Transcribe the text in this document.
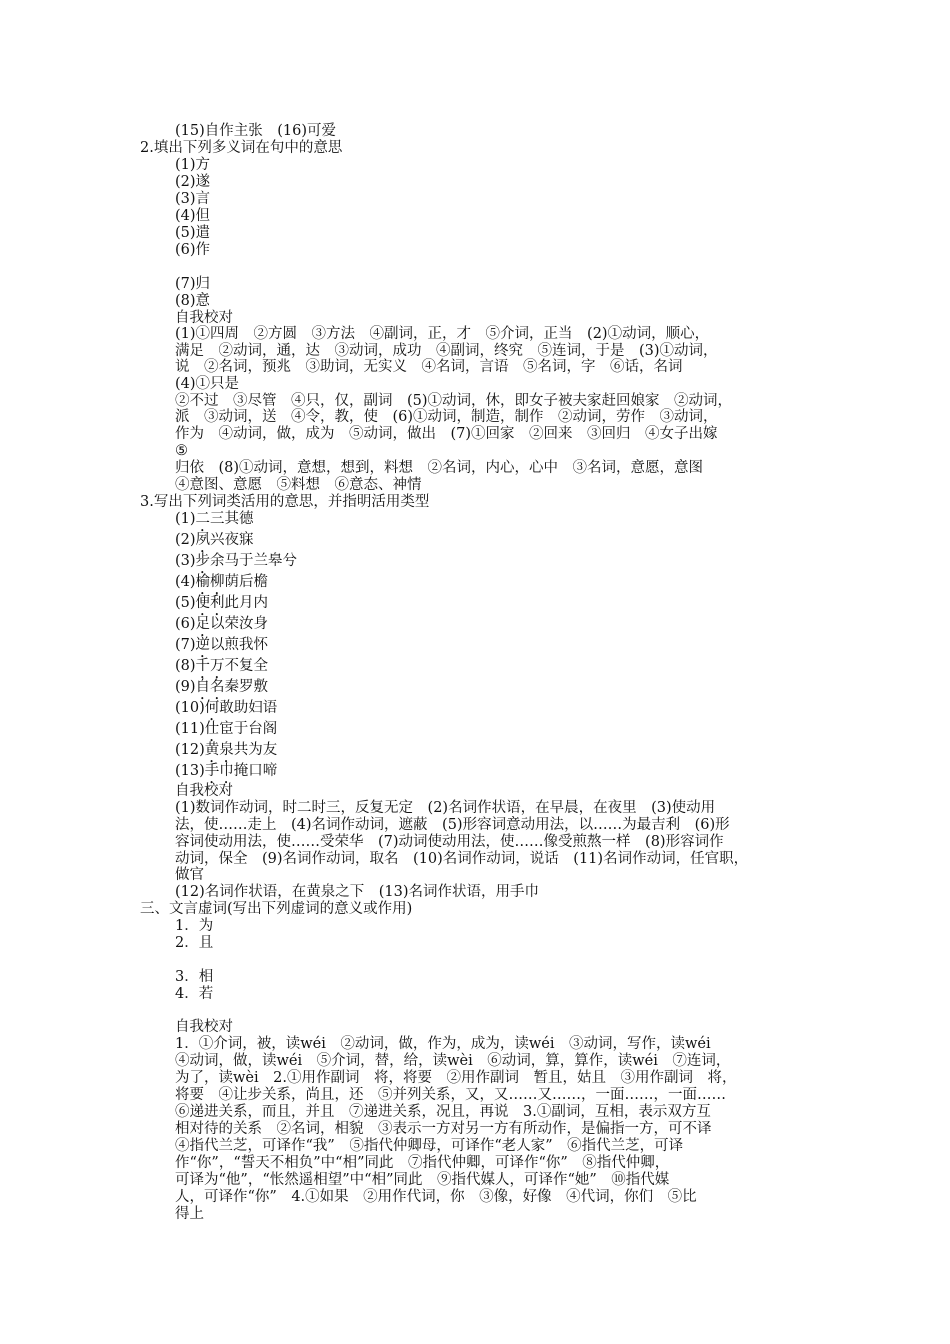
(15)自作主张　(16)可爱
2.填出下列多义词在句中的意思
(1)方
(2)遂
(3)言
(4)但
(5)遣
(6)作
(7)归
(8)意
自我校对
(1)①四周　②方圆　③方法　④副词，正，才　⑤介词，正当　(2)①动词，顺心，
满足　②动词，通，达　③动词，成功　④副词，终究　⑤连词，于是　(3)①动词，
说　②名词，预兆　③助词，无实义　④名词，言语　⑤名词，字　⑥话，名词
(4)①只是
②不过　③尽管　④只，仅，副词　(5)①动词，休，即女子被夫家赶回娘家　②动词，
派　③动词，送　④令，教，使　(6)①动词，制造，制作　②动词，劳作　③动词，
作为　④动词，做，成为　⑤动词，做出　(7)①回家　②回来　③回归　④女子出嫁
⑤
归依　(8)①动词，意想，想到，料想　②名词，内心，心中　③名词，意愿，意图
④意图、意愿　⑤料想　⑥意态、神情
3.写出下列词类活用的意思，并指明活用类型
(1)二三其德
(2)夙兴夜寐
(3)步余马于兰皋兮
(4)榆柳荫后檐
(5)便利此月内
(6)足以荣汝身
(7)逆以煎我怀
(8)千万不复全
(9)自名秦罗敷
(10)何敢助妇语
(11)仕宦于台阁
(12)黄泉共为友
(13)手巾掩口啼
自我校对
(1)数词作动词，时二时三，反复无定　(2)名词作状语，在早晨，在夜里　(3)使动用
法，使……走上　(4)名词作动词，遮蔽　(5)形容词意动用法，以……为最吉利　(6)形
容词使动用法，使……受荣华　(7)动词使动用法，使……像受煎熬一样　(8)形容词作
动词，保全　(9)名词作动词，取名　(10)名词作动词，说话　(11)名词作动词，任官职，
做官
(12)名词作状语，在黄泉之下　(13)名词作状语，用手巾
三、文言虚词(写出下列虚词的意义或作用)
1．为
2．且
3．相
4．若
自我校对
1．①介词，被，读wéi　②动词，做，作为，成为，读wéi　③动词，写作，读wéi
④动词，做，读wéi　⑤介词，替，给，读wèi　⑥动词，算，算作，读wéi　⑦连词，
为了，读wèi　2.①用作副词　将，将要　②用作副词　暂且，姑且　③用作副词　将，
将要　④让步关系，尚且，还　⑤并列关系，又，又……又……，一面……，一面……
⑥递进关系，而且，并且　⑦递进关系，况且，再说　3.①副词，互相，表示双方互
相对待的关系　②名词，相貌　③表示一方对另一方有所动作，是偏指一方，可不译
④指代兰芝，可译作“我”　⑤指代仲卿母，可译作“老人家”　⑥指代兰芝，可译
作“你”，“誓天不相负”中“相”同此　⑦指代仲卿，可译作“你”　⑧指代仲卿，
可译为“他”，“怅然遥相望”中“相”同此　⑨指代媒人，可译作“她”　⑩指代媒
人，可译作“你”　4.①如果　②用作代词，你　③像，好像　④代词，你们　⑤比
得上
